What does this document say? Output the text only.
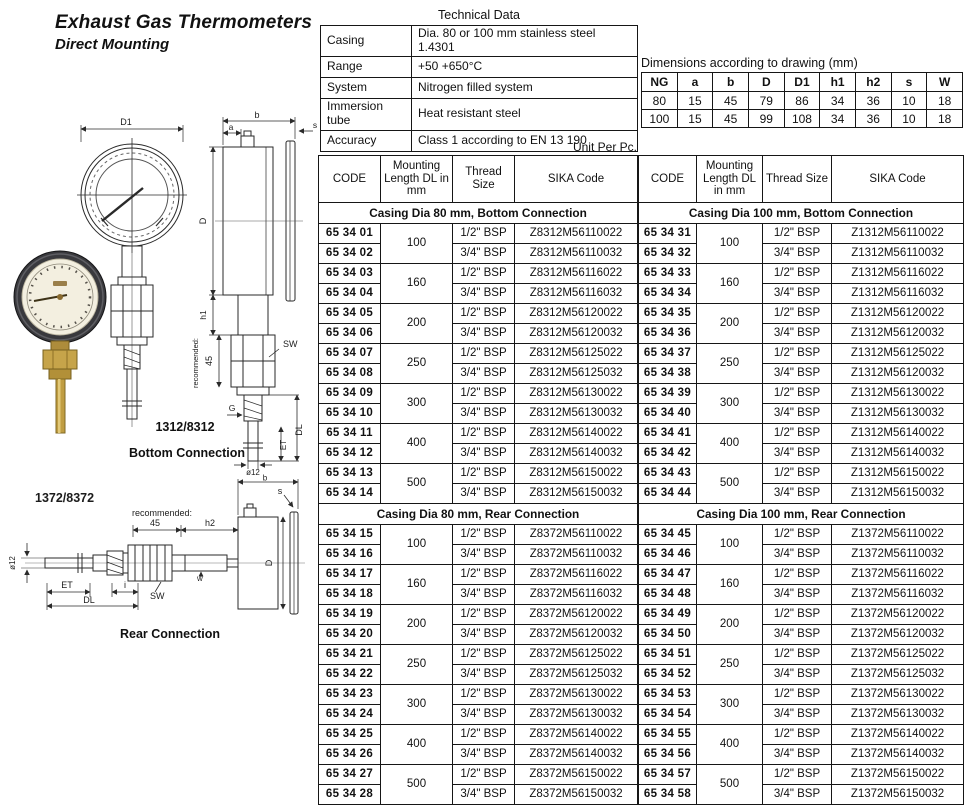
Exhaust Gas Thermometers
Direct Mounting
Technical Data
Casing	Dia. 80 or 100 mm stainless steel 1.4301
Range	+50 +650°C
System	Nitrogen filled system
Immersion tube	Heat resistant steel
Accuracy	Class 1 according to EN 13 190
Dimensions according to drawing (mm)
NG	a	b	D	D1	h1	h2	s	W
80	15	45	79	86	34	36	10	18
100	15	45	99	108	34	36	10	18
Unit Per Pc.
CODE	Mounting Length DL in mm	Thread Size	SIKA Code
Casing Dia 80 mm, Bottom Connection			
65 34 01	100	1/2" BSP	Z8312M56110022
65 34 02		3/4" BSP	Z8312M56110032
65 34 03	160	1/2" BSP	Z8312M56116022
65 34 04		3/4" BSP	Z8312M56116032
65 34 05	200	1/2" BSP	Z8312M56120022
65 34 06		3/4" BSP	Z8312M56120032
65 34 07	250	1/2" BSP	Z8312M56125022
65 34 08		3/4" BSP	Z8312M56125032
65 34 09	300	1/2" BSP	Z8312M56130022
65 34 10		3/4" BSP	Z8312M56130032
65 34 11	400	1/2" BSP	Z8312M56140022
65 34 12		3/4" BSP	Z8312M56140032
65 34 13	500	1/2" BSP	Z8312M56150022
65 34 14		3/4" BSP	Z8312M56150032
Casing Dia 80 mm, Rear Connection			
65 34 15	100	1/2" BSP	Z8372M56110022
65 34 16		3/4" BSP	Z8372M56110032
65 34 17	160	1/2" BSP	Z8372M56116022
65 34 18		3/4" BSP	Z8372M56116032
65 34 19	200	1/2" BSP	Z8372M56120022
65 34 20		3/4" BSP	Z8372M56120032
65 34 21	250	1/2" BSP	Z8372M56125022
65 34 22		3/4" BSP	Z8372M56125032
65 34 23	300	1/2" BSP	Z8372M56130022
65 34 24		3/4" BSP	Z8372M56130032
65 34 25	400	1/2" BSP	Z8372M56140022
65 34 26		3/4" BSP	Z8372M56140032
65 34 27	500	1/2" BSP	Z8372M56150022
65 34 28		3/4" BSP	Z8372M56150032
CODE	Mounting Length DL in mm	Thread Size	SIKA Code
Casing Dia 100 mm, Bottom Connection			
65 34 31	100	1/2" BSP	Z1312M56110022
65 34 32		3/4" BSP	Z1312M56110032
65 34 33	160	1/2" BSP	Z1312M56116022
65 34 34		3/4" BSP	Z1312M56116032
65 34 35	200	1/2" BSP	Z1312M56120022
65 34 36		3/4" BSP	Z1312M56120032
65 34 37	250	1/2" BSP	Z1312M56125022
65 34 38		3/4" BSP	Z1312M56120032
65 34 39	300	1/2" BSP	Z1312M56130022
65 34 40		3/4" BSP	Z1312M56130032
65 34 41	400	1/2" BSP	Z1312M56140022
65 34 42		3/4" BSP	Z1312M56140032
65 34 43	500	1/2" BSP	Z1312M56150022
65 34 44		3/4" BSP	Z1312M56150032
Casing Dia 100 mm, Rear Connection			
65 34 45	100	1/2" BSP	Z1372M56110022
65 34 46		3/4" BSP	Z1372M56110032
65 34 47	160	1/2" BSP	Z1372M56116022
65 34 48		3/4" BSP	Z1372M56116032
65 34 49	200	1/2" BSP	Z1372M56120022
65 34 50		3/4" BSP	Z1372M56120032
65 34 51	250	1/2" BSP	Z1372M56125022
65 34 52		3/4" BSP	Z1372M56125032
65 34 53	300	1/2" BSP	Z1372M56130022
65 34 54		3/4" BSP	Z1372M56130032
65 34 55	400	1/2" BSP	Z1372M56140022
65 34 56		3/4" BSP	Z1372M56140032
65 34 57	500	1/2" BSP	Z1372M56150022
65 34 58		3/4" BSP	Z1372M56150032
D1
b
a	s
D
h1
recommended: 45
SW
G
DL
ET
ø12
1372/8372
recommended:
45	h2
b
s
D
ø12
ET	i
DL	SW
w
1312/8312
Bottom Connection
Rear Connection
